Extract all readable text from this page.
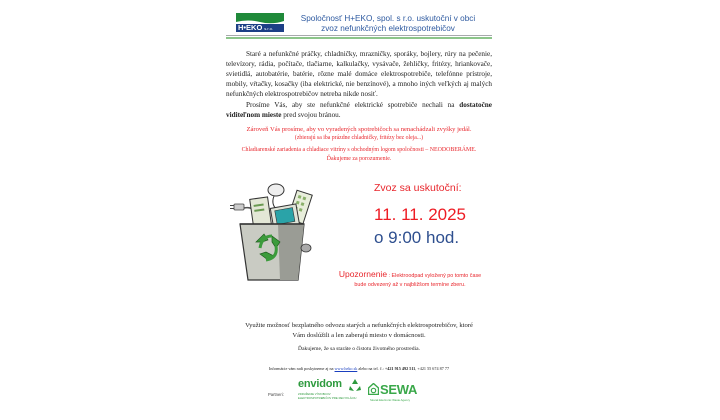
H•EKO s.r.o.
Spoločnosť H+EKO, spol. s r.o. uskutoční v obci
zvoz nefunkčných elektrospotrebičov
Staré a nefunkčné práčky, chladničky, mrazničky, sporáky, bojlery, rúry na pečenie, televízory, rádia, počítače, tlačiarne, kalkulačky, vysávače, žehličky, fritézy, hriankovače, svietidlá, autobatérie, batérie, rôzne malé domáce elektrospotrebiče, telefónne prístroje, mobily, vŕtačky, kosačky (iba elektrické, nie benzínové), a mnoho iných veľkých aj malých nefunkčných elektrospotrebičov netreba nikde nosiť.
Prosíme Vás, aby ste nefunkčné elektrické spotrebiče nechali na dostatočne viditeľnom mieste pred svojou bránou.
Zároveň Vás prosíme, aby vo vyradených spotrebičoch sa nenachádzali zvyšky jedál.
(zbierajú sa iba prázdne chladničky, fritézy bez oleja...)
Chladiarenské zariadenia a chladiace vitríny s obchodným logom spoločnosti – NEODOBERÁME.
Ďakujeme za porozumenie.
Zvoz sa uskutoční:
11. 11. 2025
o 9:00 hod.
Upozornenie : Elektroodpad vyložený po tomto čase
bude odvezený až v najbližšom termíne zberu.
Využite možnosť bezplatného odvozu starých a nefunkčných elektrospotrebičov, ktoré
Vám doslúžili a len zaberajú miesto v domácnosti.
Ďakujeme, že sa staráte o čistotu životného prostredia.
Informácie vám radi poskytneme aj na www.heko.sk alebo na tel. č.: +421 915 492 511, +421 55 674 87 77
Partneri:
envidom
ZDRUŽENIE VÝROBCOV
ELEKTROSPOTREBIČOV PRE RECYKLÁCIU
SEWA
Slovak Electronic Waste Agency
